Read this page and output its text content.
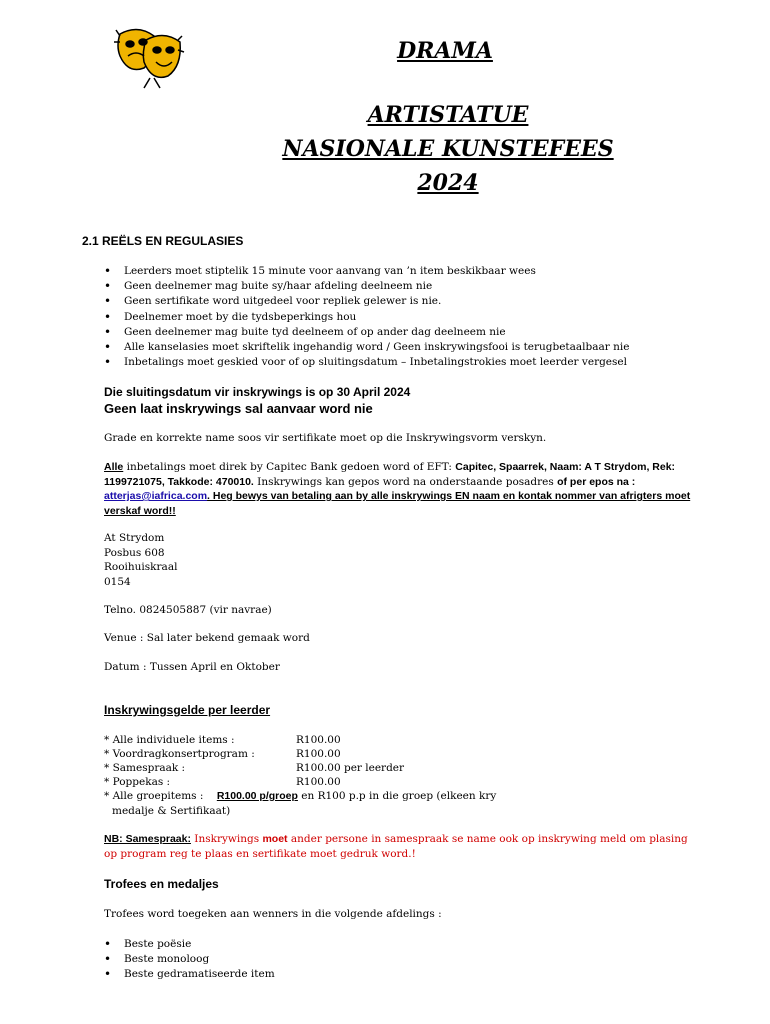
DRAMA
ARTISTATUE
NASIONALE KUNSTEFEES
2024
2.1 REËLS EN REGULASIES
• Leerders moet stiptelik 15 minute voor aanvang van ’n item beskikbaar wees
• Geen deelnemer mag buite sy/haar afdeling deelneem nie
• Geen sertifikate word uitgedeel voor repliek gelewer is nie.
• Deelnemer moet by die tydsbeperkings hou
• Geen deelnemer mag buite tyd deelneem of op ander dag deelneem nie
• Alle kanselasies moet skriftelik ingehandig word / Geen inskrywingsfooi is terugbetaalbaar nie
• Inbetalings moet geskied voor of op sluitingsdatum – Inbetalingstrokies moet leerder vergesel
Die sluitingsdatum vir inskrywings is op 30 April 2024
Geen laat inskrywings sal aanvaar word nie
Grade en korrekte name soos vir sertifikate moet op die Inskrywingsvorm verskyn.
Alle inbetalings moet direk by Capitec Bank gedoen word of EFT: Capitec, Spaarrek, Naam: A T Strydom, Rek: 1199721075, Takkode: 470010. Inskrywings kan gepos word na onderstaande posadres of per epos na : atterjas@iafrica.com. Heg bewys van betaling aan by alle inskrywings EN naam en kontak nommer van afrigters moet verskaf word!!
At Strydom
Posbus 608
Rooihuiskraal
0154
Telno. 0824505887 (vir navrae)
Venue : Sal later bekend gemaak word
Datum : Tussen April en Oktober
Inskrywingsgelde per leerder
* Alle individuele items :	R100.00
* Voordragkonsertprogram :	R100.00
* Samespraak :	R100.00 per leerder
* Poppekas :	R100.00
* Alle groepitems : R100.00 p/groep en R100 p.p in die groep (elkeen kry
medalje & Sertifikaat)
NB: Samespraak: Inskrywings moet ander persone in samespraak se name ook op inskrywing meld om plasing op program reg te plaas en sertifikate moet gedruk word.!
Trofees en medaljes
Trofees word toegeken aan wenners in die volgende afdelings :
• Beste poësie
• Beste monoloog
• Beste gedramatiseerde item
